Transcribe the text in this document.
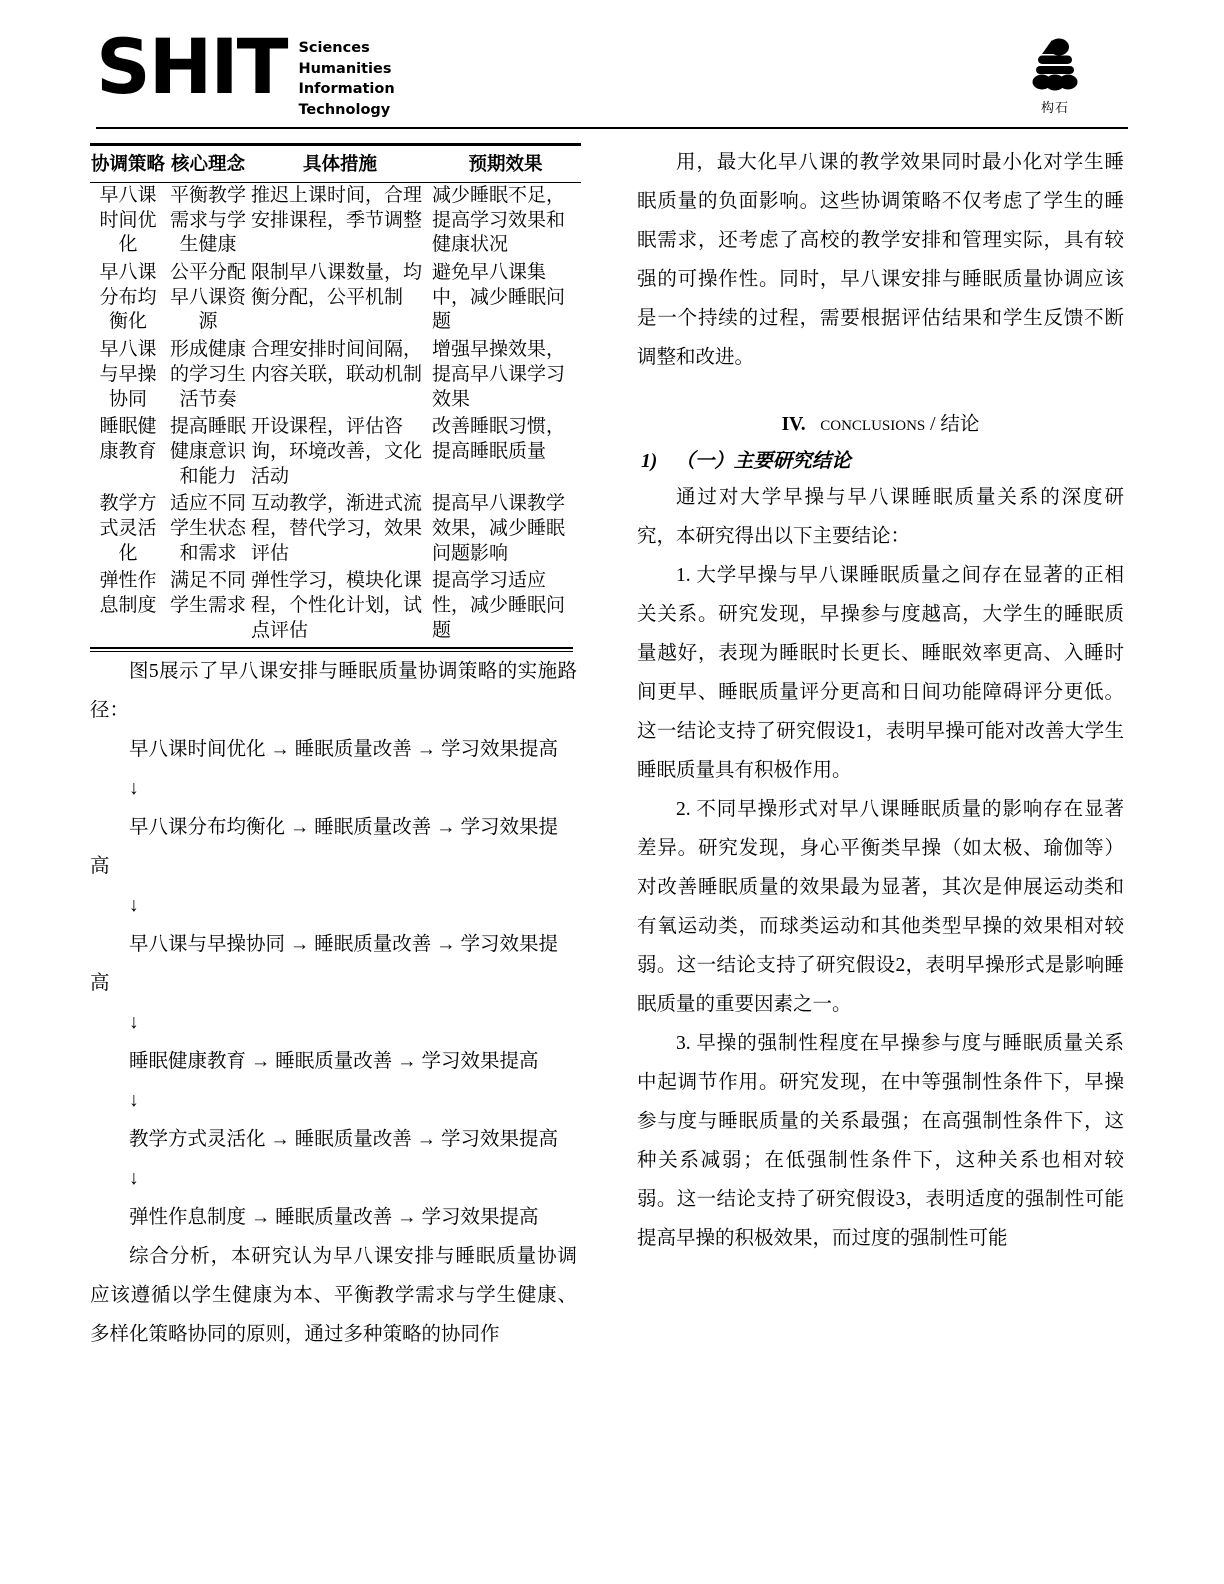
SHIT Sciences
Humanities
Information
Technology	构石
协调策略	核心理念	具体措施	预期效果
早八课时间优化	平衡教学需求与学生健康	推迟上课时间，合理安排课程，季节调整	减少睡眠不足，提高学习效果和健康状况
早八课分布均衡化	公平分配早八课资源	限制早八课数量，均衡分配，公平机制	避免早八课集中，减少睡眠问题
早八课与早操协同	形成健康的学习生活节奏	合理安排时间间隔，内容关联，联动机制	增强早操效果，提高早八课学习效果
睡眠健康教育	提高睡眠健康意识和能力	开设课程，评估咨询，环境改善，文化活动	改善睡眠习惯，提高睡眠质量
教学方式灵活化	适应不同学生状态和需求	互动教学，渐进式流程，替代学习，效果评估	提高早八课教学效果，减少睡眠问题影响
弹性作息制度	满足不同学生需求	弹性学习，模块化课程，个性化计划，试点评估	提高学习适应性，减少睡眠问题

图5展示了早八课安排与睡眠质量协调策略的实施路径：

早八课时间优化 → 睡眠质量改善 → 学习效果提高

↓

早八课分布均衡化 → 睡眠质量改善 → 学习效果提高

↓

早八课与早操协同 → 睡眠质量改善 → 学习效果提高

↓

睡眠健康教育 → 睡眠质量改善 → 学习效果提高

↓

教学方式灵活化 → 睡眠质量改善 → 学习效果提高

↓

弹性作息制度 → 睡眠质量改善 → 学习效果提高

综合分析，本研究认为早八课安排与睡眠质量协调应该遵循以学生健康为本、平衡教学需求与学生健康、多样化策略协同的原则，通过多种策略的协同作

用，最大化早八课的教学效果同时最小化对学生睡眠质量的负面影响。这些协调策略不仅考虑了学生的睡眠需求，还考虑了高校的教学安排和管理实际，具有较强的可操作性。同时，早八课安排与睡眠质量协调应该是一个持续的过程，需要根据评估结果和学生反馈不断调整和改进。

IV. conclusions / 结论
1) （一）主要研究结论

通过对大学早操与早八课睡眠质量关系的深度研究，本研究得出以下主要结论：

1. 大学早操与早八课睡眠质量之间存在显著的正相关关系。研究发现，早操参与度越高，大学生的睡眠质量越好，表现为睡眠时长更长、睡眠效率更高、入睡时间更早、睡眠质量评分更高和日间功能障碍评分更低。这一结论支持了研究假设1，表明早操可能对改善大学生睡眠质量具有积极作用。

2. 不同早操形式对早八课睡眠质量的影响存在显著差异。研究发现，身心平衡类早操（如太极、瑜伽等）对改善睡眠质量的效果最为显著，其次是伸展运动类和有氧运动类，而球类运动和其他类型早操的效果相对较弱。这一结论支持了研究假设2，表明早操形式是影响睡眠质量的重要因素之一。

3. 早操的强制性程度在早操参与度与睡眠质量关系中起调节作用。研究发现，在中等强制性条件下，早操参与度与睡眠质量的关系最强；在高强制性条件下，这种关系减弱；在低强制性条件下，这种关系也相对较弱。这一结论支持了研究假设3，表明适度的强制性可能提高早操的积极效果，而过度的强制性可能
